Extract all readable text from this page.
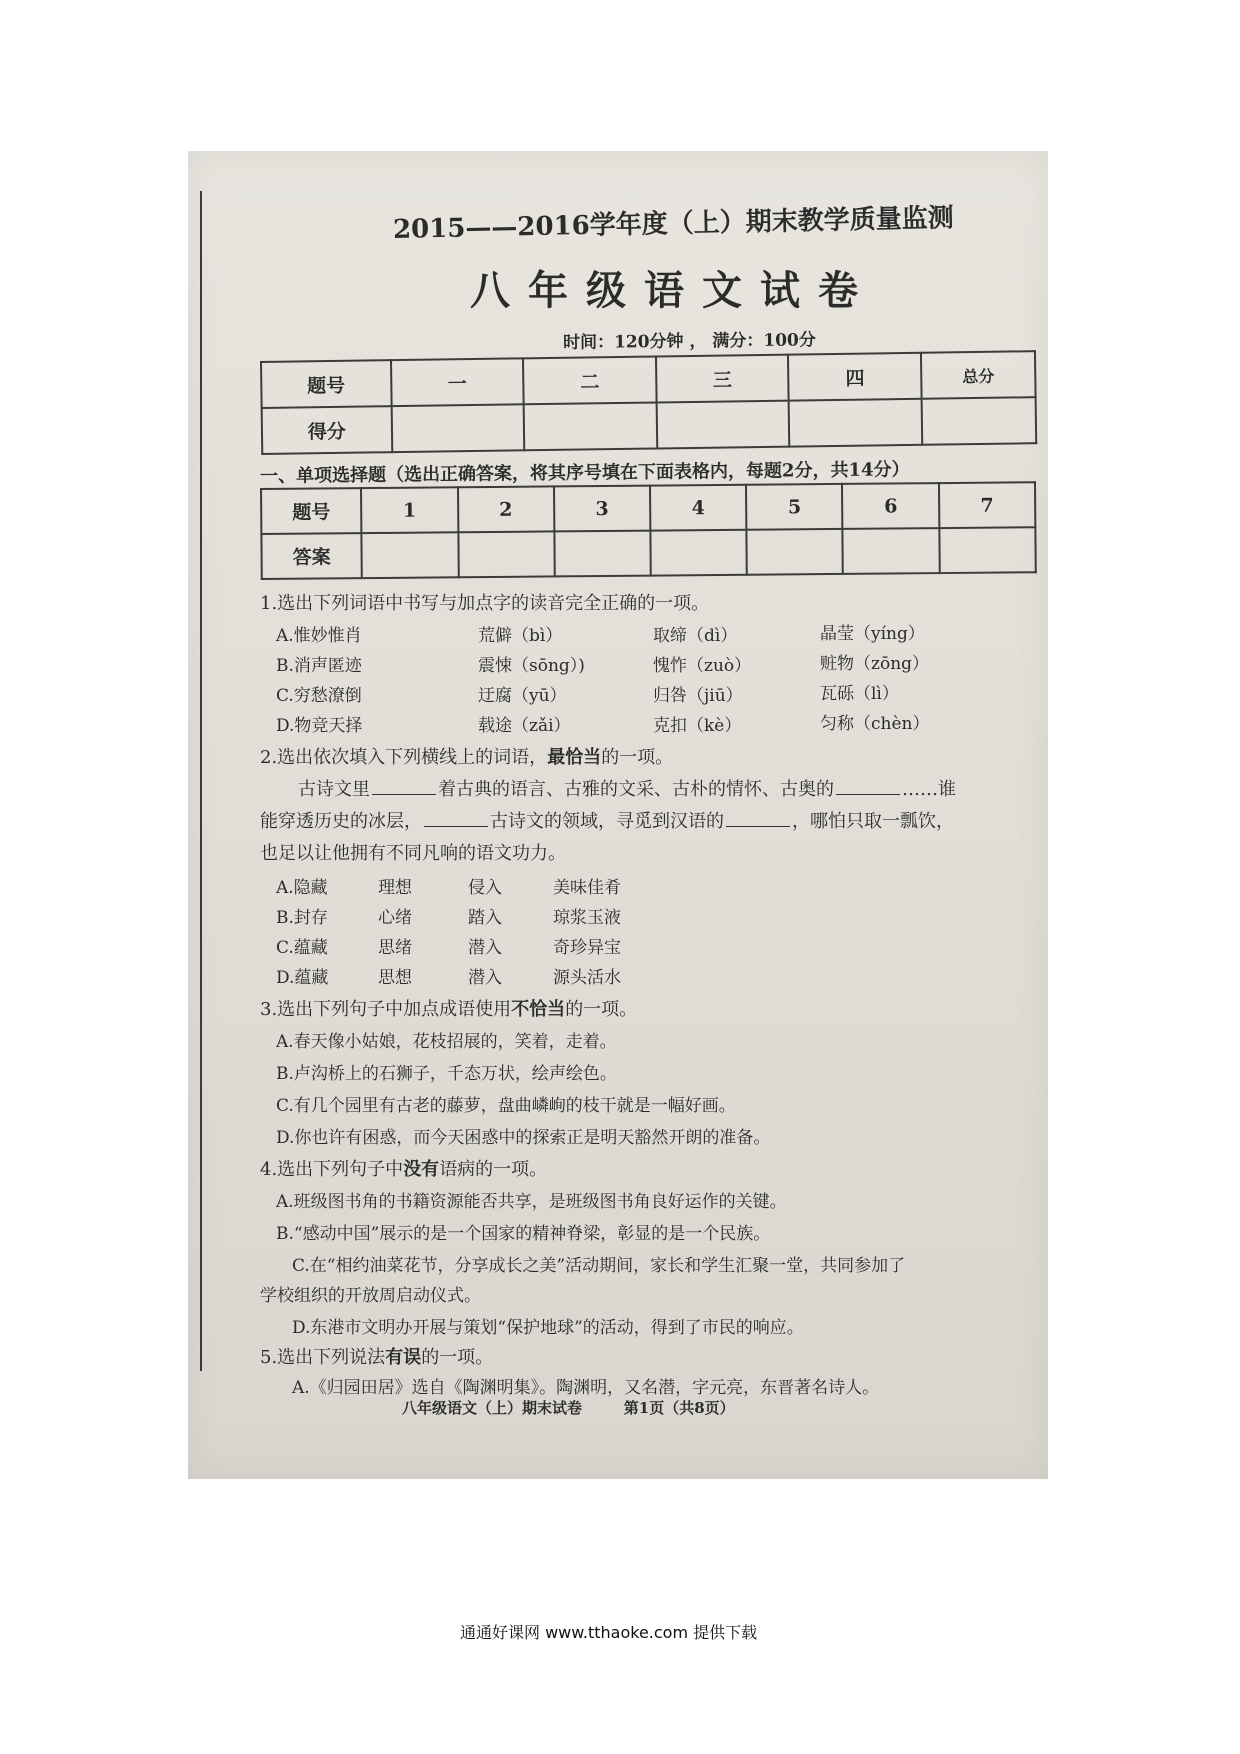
2015——2016学年度（上）期末教学质量监测
八年级语文试卷
时间：120分钟 ， 满分：100分
题号	一	二	三	四	总分
得分					
一、单项选择题（选出正确答案，将其序号填在下面表格内，每题2分，共14分）
题号	1	2	3	4	5	6	7
答案							
1.选出下列词语中书写与加点字的读音完全正确的一项。
A.惟妙惟肖	荒僻（bì）	取缔（dì）	晶莹（yíng）
B.消声匿迹	震悚（sōng）)	愧怍（zuò）	赃物（zōng）
C.穷愁潦倒	迂腐（yū）	归咎（jiū）	瓦砾（lì）
D.物竞天择	载途（zǎi）	克扣（kè）	匀称（chèn）
2.选出依次填入下列横线上的词语，最恰当的一项。
古诗文里	着古典的语言、古雅的文采、古朴的情怀、古奥的	……谁
能穿透历史的冰层，	古诗文的领域，寻觅到汉语的	，哪怕只取一瓢饮，
也足以让他拥有不同凡响的语文功力。
A.隐藏	理想	侵入	美味佳肴
B.封存	心绪	踏入	琼浆玉液
C.蕴藏	思绪	潜入	奇珍异宝
D.蕴藏	思想	潜入	源头活水
3.选出下列句子中加点成语使用不恰当的一项。
A.春天像小姑娘，花枝招展的，笑着，走着。
B.卢沟桥上的石狮子，千态万状，绘声绘色。
C.有几个园里有古老的藤萝，盘曲嶙峋的枝干就是一幅好画。
D.你也许有困惑，而今天困惑中的探索正是明天豁然开朗的准备。
4.选出下列句子中没有语病的一项。
A.班级图书角的书籍资源能否共享，是班级图书角良好运作的关键。
B.“感动中国”展示的是一个国家的精神脊梁，彰显的是一个民族。
C.在“相约油菜花节，分享成长之美”活动期间，家长和学生汇聚一堂，共同参加了
学校组织的开放周启动仪式。
D.东港市文明办开展与策划“保护地球”的活动，得到了市民的响应。
5.选出下列说法有误的一项。
A.《归园田居》选自《陶渊明集》。陶渊明，又名潜，字元亮，东晋著名诗人。
八年级语文（上）期末试卷        第1页（共8页）
通通好课网 www.tthaoke.com 提供下载
